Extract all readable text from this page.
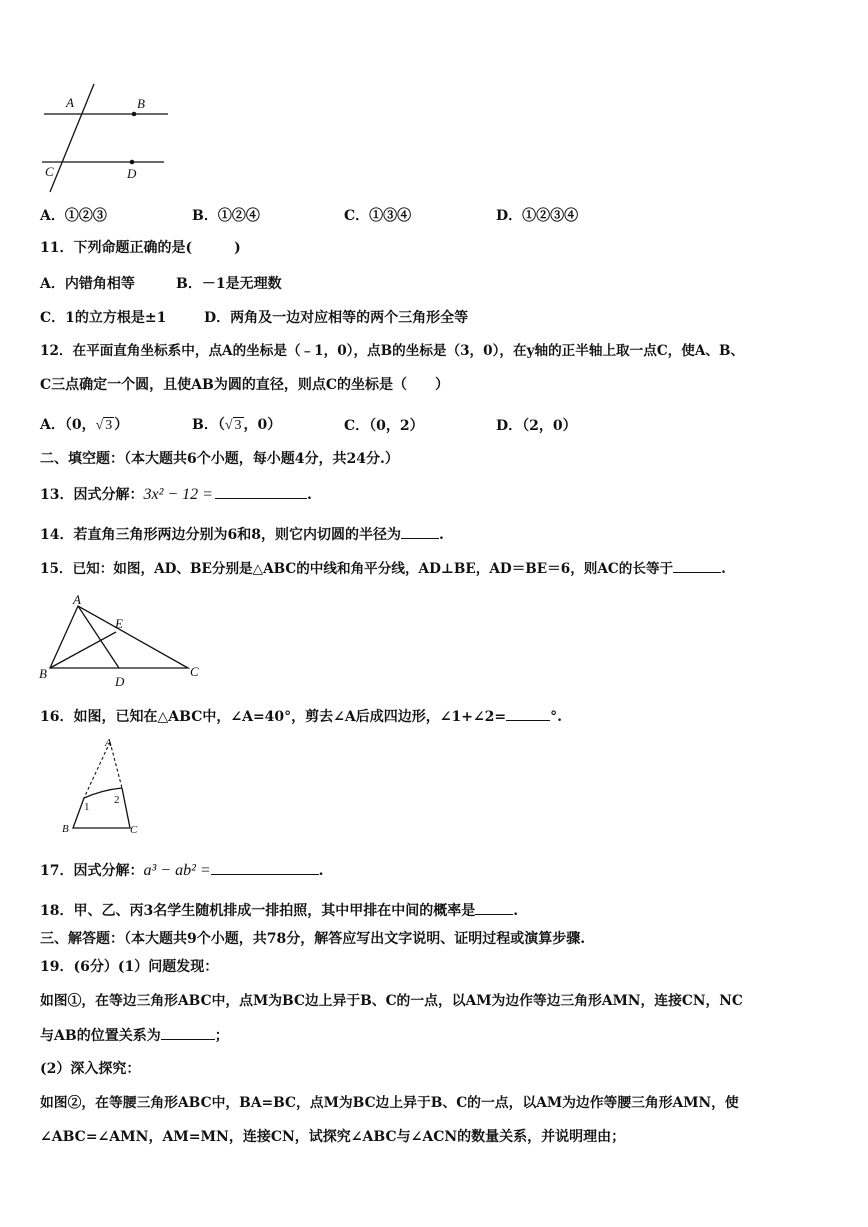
A	B
C	D
A．①②③	B．①②④	C．①③④	D．①②③④
11．下列命题正确的是(　　　)
A．内错角相等	B．－1是无理数
C．1的立方根是±1	D．两角及一边对应相等的两个三角形全等
12．在平面直角坐标系中，点A的坐标是（﹣1，0），点B的坐标是（3，0），在y轴的正半轴上取一点C，使A、B、
C三点确定一个圆，且使AB为圆的直径，则点C的坐标是（　　）
A．（0，√ 3 ）	B．（√ 3 ，0）	C．（0，2）	D．（2，0）
二、填空题：（本大题共6个小题，每小题4分，共24分.）
13．因式分解：3x² − 12 =	.
14．若直角三角形两边分别为6和8，则它内切圆的半径为	.
15．已知：如图，AD、BE分别是△ABC的中线和角平分线，AD⊥BE，AD＝BE＝6，则AC的长等于	.
A
E
B
D
C
16．如图，已知在△ABC中，∠A=40°，剪去∠A后成四边形，∠1+∠2=	°.
A
1
2
B	C
17．因式分解：a³ − ab² =	.
18．甲、乙、丙3名学生随机排成一排拍照，其中甲排在中间的概率是	.
三、解答题：（本大题共9个小题，共78分，解答应写出文字说明、证明过程或演算步骤.
19．(6分）(1）问题发现：
如图①，在等边三角形ABC中，点M为BC边上异于B、C的一点，以AM为边作等边三角形AMN，连接CN，NC
与AB的位置关系为	；
(2）深入探究：
如图②，在等腰三角形ABC中，BA=BC，点M为BC边上异于B、C的一点，以AM为边作等腰三角形AMN，使
∠ABC=∠AMN，AM=MN，连接CN，试探究∠ABC与∠ACN的数量关系，并说明理由；
